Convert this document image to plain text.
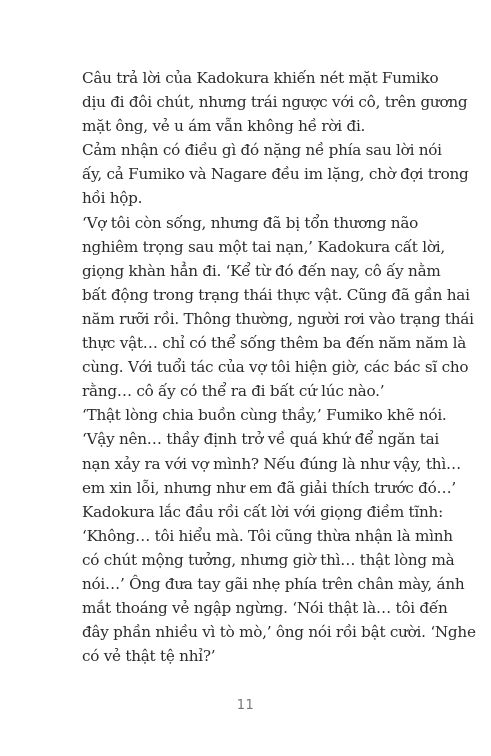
Câu trả lời của Kadokura khiến nét mặt Fumiko
dịu đi đôi chút, nhưng trái ngược với cô, trên gương
mặt ông, vẻ u ám vẫn không hề rời đi.
Cảm nhận có điều gì đó nặng nề phía sau lời nói
ấy, cả Fumiko và Nagare đều im lặng, chờ đợi trong
hồi hộp.
‘Vợ tôi còn sống, nhưng đã bị tổn thương não
nghiêm trọng sau một tai nạn,’ Kadokura cất lời,
giọng khàn hẳn đi. ‘Kể từ đó đến nay, cô ấy nằm
bất động trong trạng thái thực vật. Cũng đã gần hai
năm rưỡi rồi. Thông thường, người rơi vào trạng thái
thực vật… chỉ có thể sống thêm ba đến năm năm là
cùng. Với tuổi tác của vợ tôi hiện giờ, các bác sĩ cho
rằng… cô ấy có thể ra đi bất cứ lúc nào.’
‘Thật lòng chia buồn cùng thầy,’ Fumiko khẽ nói.
‘Vậy nên… thầy định trở về quá khứ để ngăn tai
nạn xảy ra với vợ mình? Nếu đúng là như vậy, thì…
em xin lỗi, nhưng như em đã giải thích trước đó…’
Kadokura lắc đầu rồi cất lời với giọng điềm tĩnh:
‘Không… tôi hiểu mà. Tôi cũng thừa nhận là mình
có chút mộng tưởng, nhưng giờ thì… thật lòng mà
nói…’ Ông đưa tay gãi nhẹ phía trên chân mày, ánh
mắt thoáng vẻ ngập ngừng. ‘Nói thật là… tôi đến
đây phần nhiều vì tò mò,’ ông nói rồi bật cười. ‘Nghe
có vẻ thật tệ nhỉ?’
11
